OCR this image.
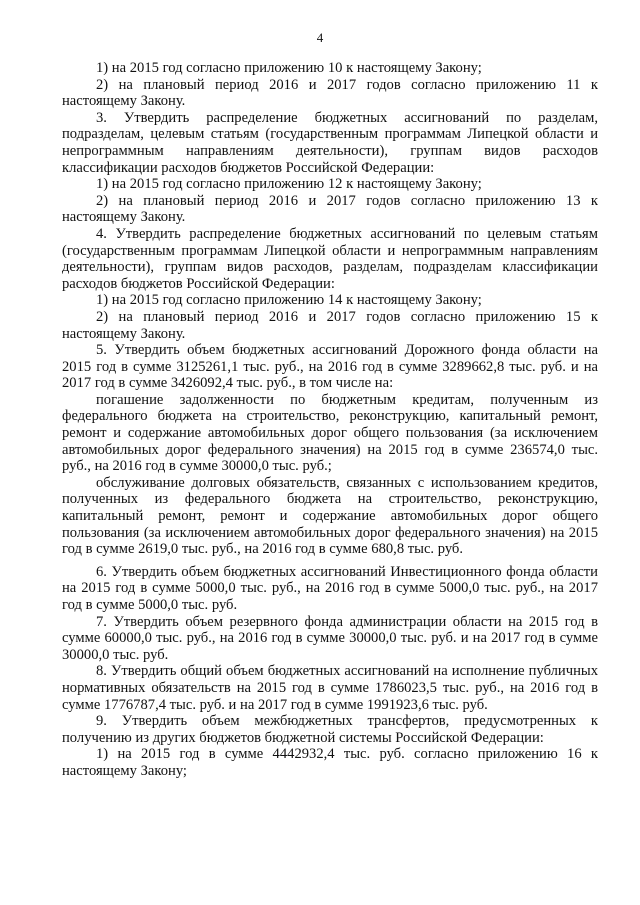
4

1) на 2015 год согласно приложению 10 к настоящему Закону;

2) на плановый период 2016 и 2017 годов согласно приложению 11 к настоящему Закону.

3. Утвердить распределение бюджетных ассигнований по разделам, подразделам, целевым статьям (государственным программам Липецкой области и непрограммным направлениям деятельности), группам видов расходов классификации расходов бюджетов Российской Федерации:

1) на 2015 год согласно приложению 12 к настоящему Закону;

2) на плановый период 2016 и 2017 годов согласно приложению 13 к настоящему Закону.

4. Утвердить распределение бюджетных ассигнований по целевым статьям (государственным программам Липецкой области и непрограммным направлениям деятельности), группам видов расходов, разделам, подразделам классификации расходов бюджетов Российской Федерации:

1) на 2015 год согласно приложению 14 к настоящему Закону;

2) на плановый период 2016 и 2017 годов согласно приложению 15 к настоящему Закону.

5. Утвердить объем бюджетных ассигнований Дорожного фонда области на 2015 год в сумме 3125261,1 тыс. руб., на 2016 год в сумме 3289662,8 тыс. руб. и на 2017 год в сумме 3426092,4 тыс. руб., в том числе на:

погашение задолженности по бюджетным кредитам, полученным из федерального бюджета на строительство, реконструкцию, капитальный ремонт, ремонт и содержание автомобильных дорог общего пользования (за исключением автомобильных дорог федерального значения) на 2015 год в сумме 236574,0 тыс. руб., на 2016 год в сумме 30000,0 тыс. руб.;

обслуживание долговых обязательств, связанных с использованием кредитов, полученных из федерального бюджета на строительство, реконструкцию, капитальный ремонт, ремонт и содержание автомобильных дорог общего пользования (за исключением автомобильных дорог федерального значения) на 2015 год в сумме 2619,0 тыс. руб., на 2016 год в сумме 680,8 тыс. руб.

6. Утвердить объем бюджетных ассигнований Инвестиционного фонда области на 2015 год в сумме 5000,0 тыс. руб., на 2016 год в сумме 5000,0 тыс. руб., на 2017 год в сумме 5000,0 тыс. руб.

7. Утвердить объем резервного фонда администрации области на 2015 год в сумме 60000,0 тыс. руб., на 2016 год в сумме 30000,0 тыс. руб. и на 2017 год в сумме 30000,0 тыс. руб.

8. Утвердить общий объем бюджетных ассигнований на исполнение публичных нормативных обязательств на 2015 год в сумме 1786023,5 тыс. руб., на 2016 год в сумме 1776787,4 тыс. руб. и на 2017 год в сумме 1991923,6 тыс. руб.

9. Утвердить объем межбюджетных трансфертов, предусмотренных к получению из других бюджетов бюджетной системы Российской Федерации:

1) на 2015 год в сумме 4442932,4 тыс. руб. согласно приложению 16 к настоящему Закону;
